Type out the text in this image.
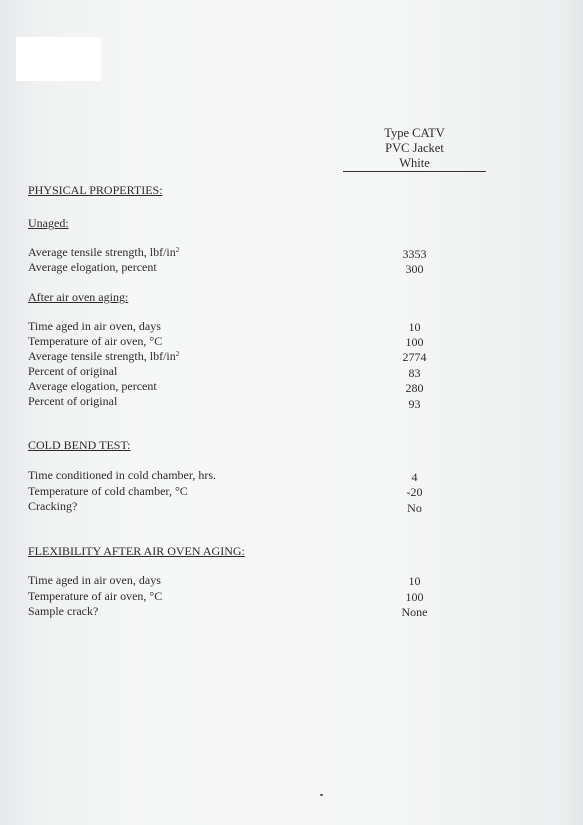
Type CATV
PVC Jacket
White
PHYSICAL PROPERTIES:
Unaged:
Average tensile strength, lbf/$in^2$	3353
Average elogation, percent	300
After air oven aging:
Time aged in air oven, days	10
Temperature of air oven, °C	100
Average tensile strength, lbf/$in^2$	2774
Percent of original	83
Average elogation, percent	280
Percent of original	93
COLD BEND TEST:
Time conditioned in cold chamber, hrs.	4
Temperature of cold chamber, °C	-20
Cracking?	No
FLEXIBILITY AFTER AIR OVEN AGING:
Time aged in air oven, days	10
Temperature of air oven, °C	100
Sample crack?	None
